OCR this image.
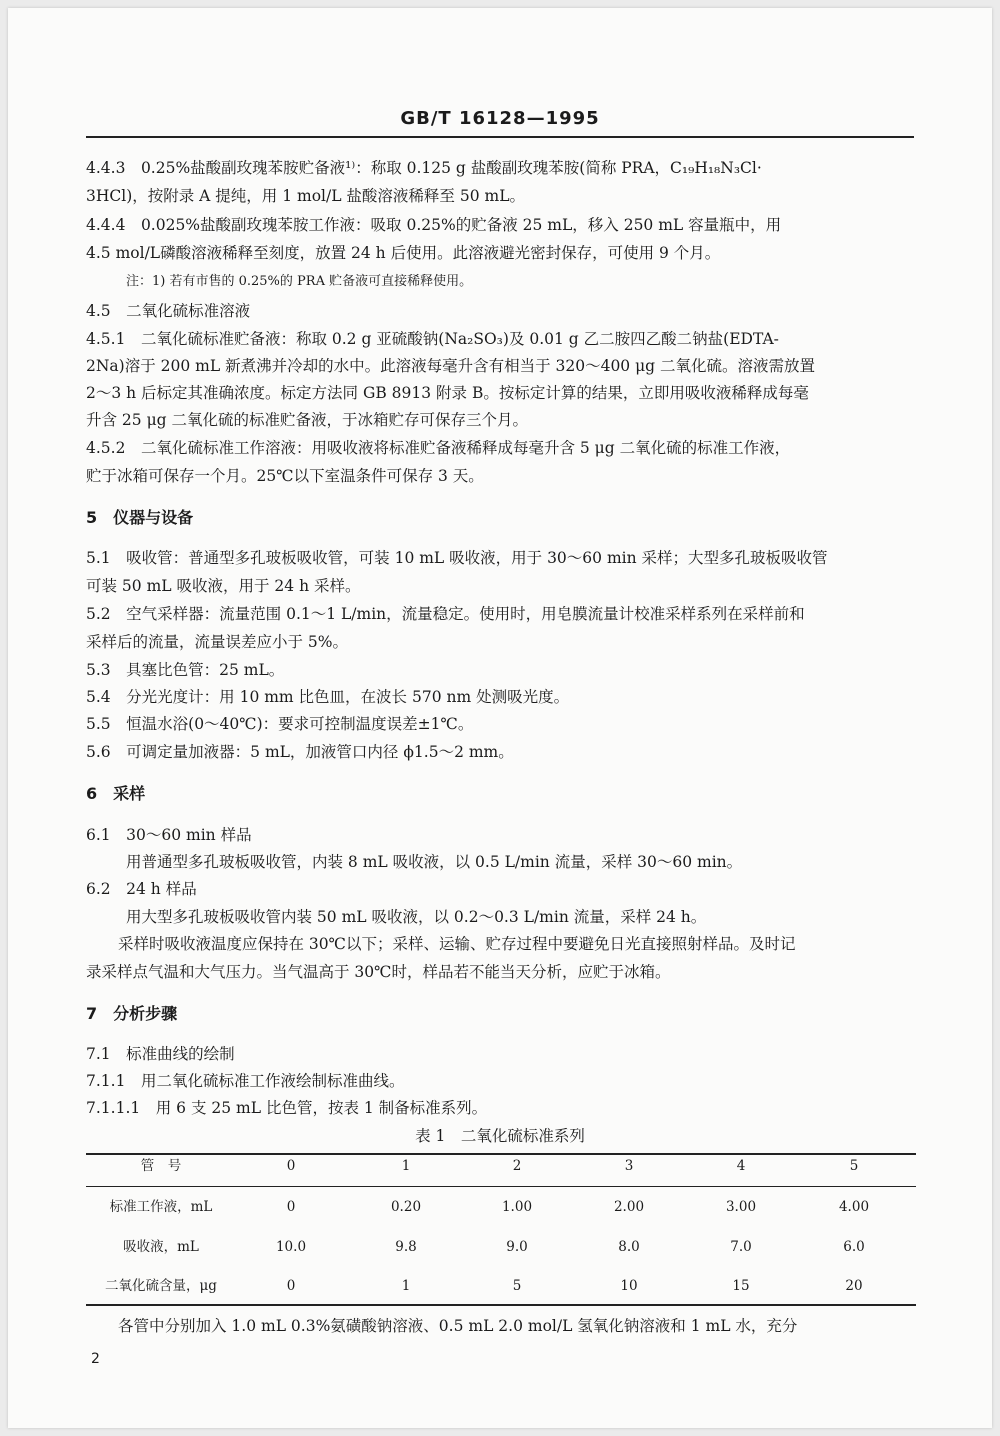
GB/T 16128—1995
4.4.3　0.25%盐酸副玫瑰苯胺贮备液¹⁾：称取 0.125 g 盐酸副玫瑰苯胺(简称 PRA，C₁₉H₁₈N₃Cl·
3HCl)，按附录 A 提纯，用 1 mol/L 盐酸溶液稀释至 50 mL。
4.4.4　0.025%盐酸副玫瑰苯胺工作液：吸取 0.25%的贮备液 25 mL，移入 250 mL 容量瓶中，用
4.5 mol/L磷酸溶液稀释至刻度，放置 24 h 后使用。此溶液避光密封保存，可使用 9 个月。
注：1) 若有市售的 0.25%的 PRA 贮备液可直接稀释使用。
4.5　二氧化硫标准溶液
4.5.1　二氧化硫标准贮备液：称取 0.2 g 亚硫酸钠(Na₂SO₃)及 0.01 g 乙二胺四乙酸二钠盐(EDTA-
2Na)溶于 200 mL 新煮沸并冷却的水中。此溶液每毫升含有相当于 320～400 μg 二氧化硫。溶液需放置
2～3 h 后标定其准确浓度。标定方法同 GB 8913 附录 B。按标定计算的结果，立即用吸收液稀释成每毫
升含 25 μg 二氧化硫的标准贮备液，于冰箱贮存可保存三个月。
4.5.2　二氧化硫标准工作溶液：用吸收液将标准贮备液稀释成每毫升含 5 μg 二氧化硫的标准工作液，
贮于冰箱可保存一个月。25℃以下室温条件可保存 3 天。
5　仪器与设备
5.1　吸收管：普通型多孔玻板吸收管，可装 10 mL 吸收液，用于 30～60 min 采样；大型多孔玻板吸收管
可装 50 mL 吸收液，用于 24 h 采样。
5.2　空气采样器：流量范围 0.1～1 L/min，流量稳定。使用时，用皂膜流量计校准采样系列在采样前和
采样后的流量，流量误差应小于 5%。
5.3　具塞比色管：25 mL。
5.4　分光光度计：用 10 mm 比色皿，在波长 570 nm 处测吸光度。
5.5　恒温水浴(0～40℃)：要求可控制温度误差±1℃。
5.6　可调定量加液器：5 mL，加液管口内径 ϕ1.5～2 mm。
6　采样
6.1　30～60 min 样品
用普通型多孔玻板吸收管，内装 8 mL 吸收液，以 0.5 L/min 流量，采样 30～60 min。
6.2　24 h 样品
用大型多孔玻板吸收管内装 50 mL 吸收液，以 0.2～0.3 L/min 流量，采样 24 h。
采样时吸收液温度应保持在 30℃以下；采样、运输、贮存过程中要避免日光直接照射样品。及时记
录采样点气温和大气压力。当气温高于 30℃时，样品若不能当天分析，应贮于冰箱。
7　分析步骤
7.1　标准曲线的绘制
7.1.1　用二氧化硫标准工作液绘制标准曲线。
7.1.1.1　用 6 支 25 mL 比色管，按表 1 制备标准系列。
表 1　二氧化硫标准系列
管　号	0	1	2	3	4	5
标准工作液，mL	0	0.20	1.00	2.00	3.00	4.00
吸收液，mL	10.0	9.8	9.0	8.0	7.0	6.0
二氧化硫含量，μg	0	1	5	10	15	20
各管中分别加入 1.0 mL 0.3%氨磺酸钠溶液、0.5 mL 2.0 mol/L 氢氧化钠溶液和 1 mL 水，充分
2
